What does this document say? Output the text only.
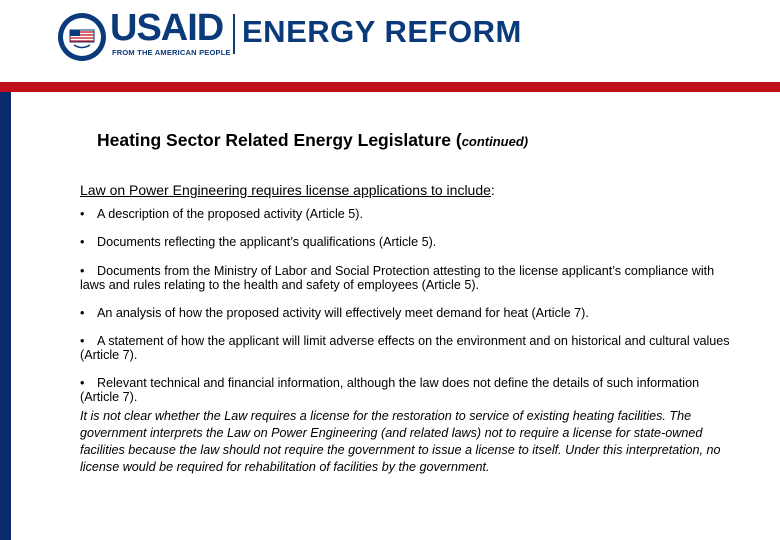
USAID
FROM THE AMERICAN PEOPLE
ENERGY REFORM
Heating Sector Related Energy Legislature (continued)
Law on Power Engineering requires license applications to include:
• A description of the proposed activity (Article 5).
• Documents reflecting the applicant’s qualifications (Article 5).
• Documents from the Ministry of Labor and Social Protection attesting to the license applicant’s compliance with laws and rules relating to the health and safety of employees (Article 5).
• An analysis of how the proposed activity will effectively meet demand for heat (Article 7).
• A statement of how the applicant will limit adverse effects on the environment and on historical and cultural values (Article 7).
• Relevant technical and financial information, although the law does not define the details of such information (Article 7).
It is not clear whether the Law requires a license for the restoration to service of existing heating facilities. The government interprets the Law on Power Engineering (and related laws) not to require a license for state-owned facilities because the law should not require the government to issue a license to itself. Under this interpretation, no license would be required for rehabilitation of facilities by the government.
